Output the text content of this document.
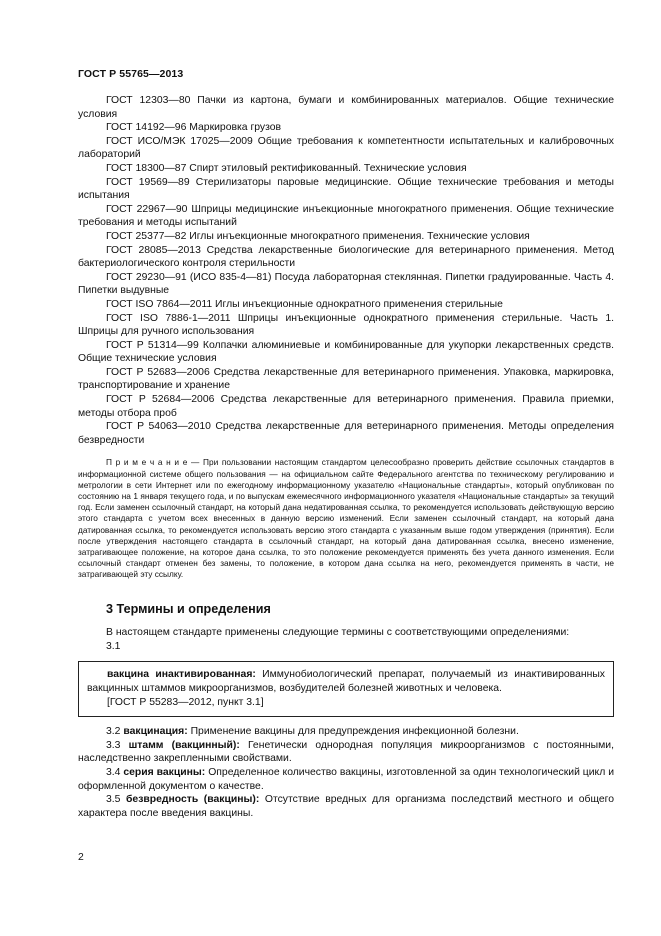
ГОСТ Р 55765—2013

ГОСТ 12303—80 Пачки из картона, бумаги и комбинированных материалов. Общие технические условия

ГОСТ 14192—96 Маркировка грузов

ГОСТ ИСО/МЭК 17025—2009 Общие требования к компетентности испытательных и калибровочных лабораторий

ГОСТ 18300—87 Спирт этиловый ректификованный. Технические условия

ГОСТ 19569—89 Стерилизаторы паровые медицинские. Общие технические требования и методы испытания

ГОСТ 22967—90 Шприцы медицинские инъекционные многократного применения. Общие технические требования и методы испытаний

ГОСТ 25377—82 Иглы инъекционные многократного применения. Технические условия

ГОСТ 28085—2013 Средства лекарственные биологические для ветеринарного применения. Метод бактериологического контроля стерильности

ГОСТ 29230—91 (ИСО 835-4—81) Посуда лабораторная стеклянная. Пипетки градуированные. Часть 4. Пипетки выдувные

ГОСТ ISO 7864—2011 Иглы инъекционные однократного применения стерильные

ГОСТ ISO 7886-1—2011 Шприцы инъекционные однократного применения стерильные. Часть 1. Шприцы для ручного использования

ГОСТ Р 51314—99 Колпачки алюминиевые и комбинированные для укупорки лекарственных средств. Общие технические условия

ГОСТ Р 52683—2006 Средства лекарственные для ветеринарного применения. Упаковка, маркировка, транспортирование и хранение

ГОСТ Р 52684—2006 Средства лекарственные для ветеринарного применения. Правила приемки, методы отбора проб

ГОСТ Р 54063—2010 Средства лекарственные для ветеринарного применения. Методы определения безвредности

П р и м е ч а н и е — При пользовании настоящим стандартом целесообразно проверить действие ссылочных стандартов в информационной системе общего пользования — на официальном сайте Федерального агентства по техническому регулированию и метрологии в сети Интернет или по ежегодному информационному указателю «Национальные стандарты», который опубликован по состоянию на 1 января текущего года, и по выпускам ежемесячного информационного указателя «Национальные стандарты» за текущий год. Если заменен ссылочный стандарт, на который дана недатированная ссылка, то рекомендуется использовать действующую версию этого стандарта с учетом всех внесенных в данную версию изменений. Если заменен ссылочный стандарт, на который дана датированная ссылка, то рекомендуется использовать версию этого стандарта с указанным выше годом утверждения (принятия). Если после утверждения настоящего стандарта в ссылочный стандарт, на который дана датированная ссылка, внесено изменение, затрагивающее положение, на которое дана ссылка, то это положение рекомендуется применять без учета данного изменения. Если ссылочный стандарт отменен без замены, то положение, в котором дана ссылка на него, рекомендуется применять в части, не затрагивающей эту ссылку.

3 Термины и определения

В настоящем стандарте применены следующие термины с соответствующими определениями:

3.1

вакцина инактивированная: Иммунобиологический препарат, получаемый из инактивированных вакцинных штаммов микроорганизмов, возбудителей болезней животных и человека.

[ГОСТ Р 55283—2012, пункт 3.1]

3.2 вакцинация: Применение вакцины для предупреждения инфекционной болезни.

3.3 штамм (вакцинный): Генетически однородная популяция микроорганизмов с постоянными, наследственно закрепленными свойствами.

3.4 серия вакцины: Определенное количество вакцины, изготовленной за один технологический цикл и оформленной документом о качестве.

3.5 безвредность (вакцины): Отсутствие вредных для организма последствий местного и общего характера после введения вакцины.

2
